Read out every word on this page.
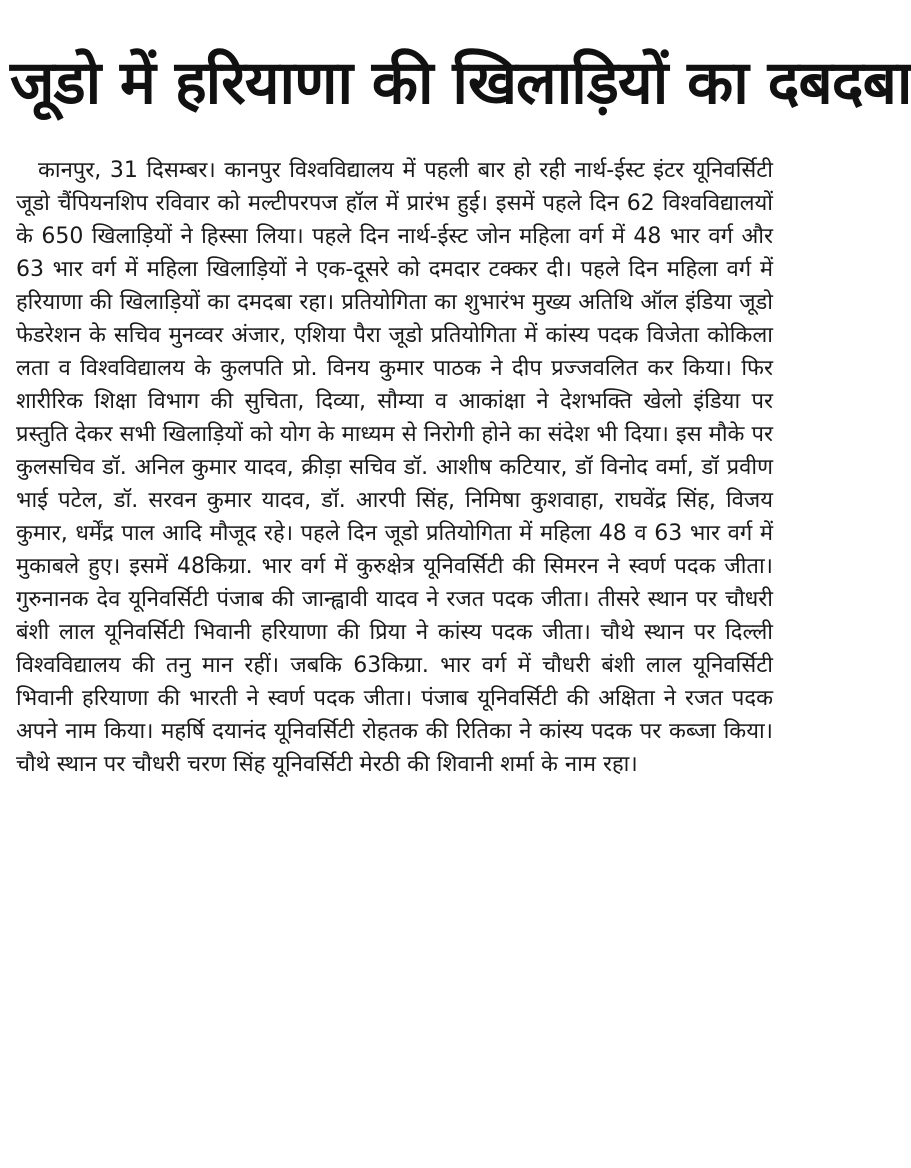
जूडो में हरियाणा की खिलाड़ियों का दबदबा

कानपुर, 31 दिसम्बर। कानपुर विश्वविद्यालय में पहली बार हो रही नार्थ-ईस्ट इंटर यूनिवर्सिटी जूडो चैंपियनशिप रविवार को मल्टीपरपज हॉल में प्रारंभ हुई। इसमें पहले दिन 62 विश्वविद्यालयों के 650 खिलाड़ियों ने हिस्सा लिया। पहले दिन नार्थ-ईस्ट जोन महिला वर्ग में 48 भार वर्ग और 63 भार वर्ग में महिला खिलाड़ियों ने एक-दूसरे को दमदार टक्कर दी। पहले दिन महिला वर्ग में हरियाणा की खिलाड़ियों का दमदबा रहा। प्रतियोगिता का शुभारंभ मुख्य अतिथि ऑल इंडिया जूडो फेडरेशन के सचिव मुनव्वर अंजार, एशिया पैरा जूडो प्रतियोगिता में कांस्य पदक विजेता कोकिला लता व विश्वविद्यालय के कुलपति प्रो. विनय कुमार पाठक ने दीप प्रज्जवलित कर किया। फिर शारीरिक शिक्षा विभाग की सुचिता, दिव्या, सौम्या व आकांक्षा ने देशभक्ति खेलो इंडिया पर प्रस्तुति देकर सभी खिलाड़ियों को योग के माध्यम से निरोगी होने का संदेश भी दिया। इस मौके पर कुलसचिव डॉ. अनिल कुमार यादव, क्रीड़ा सचिव डॉ. आशीष कटियार, डॉ विनोद वर्मा, डॉ प्रवीण भाई पटेल, डॉ. सरवन कुमार यादव, डॉ. आरपी सिंह, निमिषा कुशवाहा, राघवेंद्र सिंह, विजय कुमार, धर्मेंद्र पाल आदि मौजूद रहे। पहले दिन जूडो प्रतियोगिता में महिला 48 व 63 भार वर्ग में मुकाबले हुए। इसमें 48किग्रा. भार वर्ग में कुरुक्षेत्र यूनिवर्सिटी की सिमरन ने स्वर्ण पदक जीता। गुरुनानक देव यूनिवर्सिटी पंजाब की जान्ह्वावी यादव ने रजत पदक जीता। तीसरे स्थान पर चौधरी बंशी लाल यूनिवर्सिटी भिवानी हरियाणा की प्रिया ने कांस्य पदक जीता। चौथे स्थान पर दिल्ली विश्वविद्यालय की तनु मान रहीं। जबकि 63किग्रा. भार वर्ग में चौधरी बंशी लाल यूनिवर्सिटी भिवानी हरियाणा की भारती ने स्वर्ण पदक जीता। पंजाब यूनिवर्सिटी की अक्षिता ने रजत पदक अपने नाम किया। महर्षि दयानंद यूनिवर्सिटी रोहतक की रितिका ने कांस्य पदक पर कब्जा किया। चौथे स्थान पर चौधरी चरण सिंह यूनिवर्सिटी मेरठी की शिवानी शर्मा के नाम रहा।
